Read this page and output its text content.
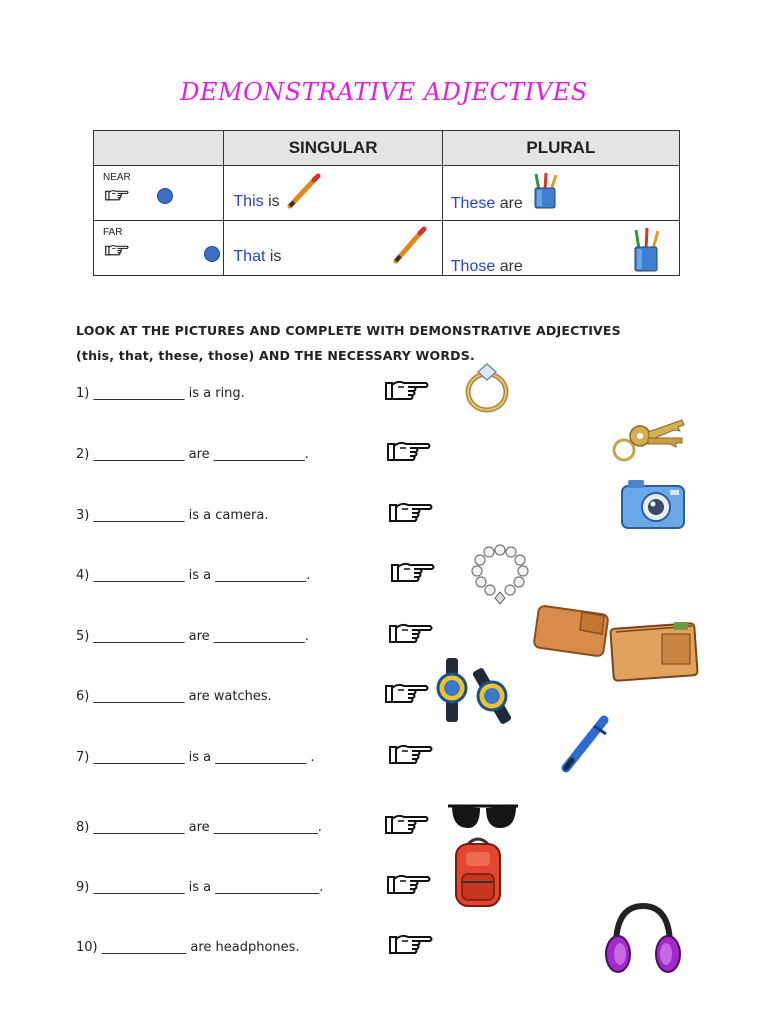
DEMONSTRATIVE ADJECTIVES
	SINGULAR	PLURAL

NEAR	This is	These are

FAR	That is	Those are
LOOK AT THE PICTURES AND COMPLETE WITH DEMONSTRATIVE ADJECTIVES
(this, that, these, those) AND THE NECESSARY WORDS.
1) ______________ is a ring.
2) ______________ are ______________.
3) ______________ is a camera.
4) ______________ is a ______________.
5) ______________ are ______________.
6) ______________ are watches.
7) ______________ is a ______________ .
8) ______________ are ________________.
9) ______________ is a ________________.
10) _____________ are headphones.
